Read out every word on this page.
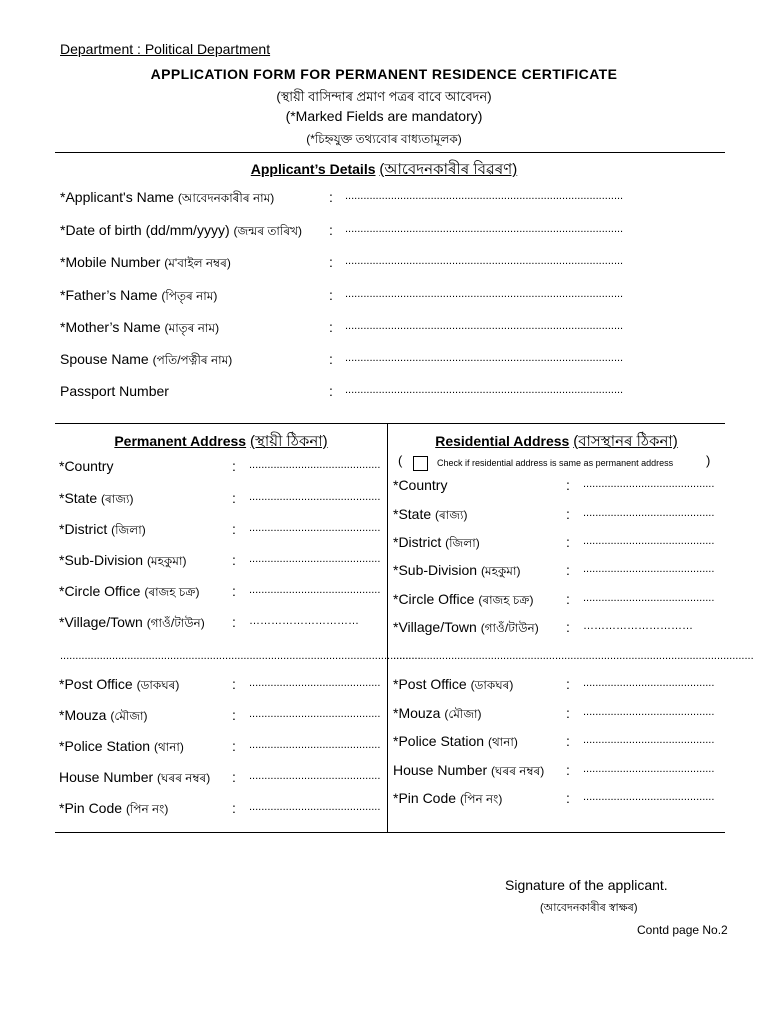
Department : Political Department
APPLICATION FORM FOR PERMANENT RESIDENCE CERTIFICATE
(স্থায়ী বাসিন্দাৰ প্ৰমাণ পত্ৰৰ বাবে আবেদন)
(*Marked Fields are mandatory)
(*চিহ্নযুক্ত তথ্যবোৰ বাধ্যতামূলক)
Applicant’s Details (আবেদনকাৰীৰ বিৱৰণ)
*Applicant's Name (আবেদনকাৰীৰ নাম)	: ...........................................................................................
*Date of birth (dd/mm/yyyy) (জন্মৰ তাৰিখ) : ...........................................................................................
*Mobile Number (ম'বাইল নম্বৰ)	: ...........................................................................................
*Father’s Name (পিতৃৰ নাম)	: ...........................................................................................
*Mother’s Name (মাতৃৰ নাম)	: ...........................................................................................
Spouse Name (পতি/পত্নীৰ নাম)	: ...........................................................................................
Passport Number	: ...........................................................................................
Permanent Address (স্থায়ী ঠিকনা)
*Country	: ...........................................
*State (ৰাজ্য)	: ...........................................
*District (জিলা)	: ...........................................
*Sub-Division (মহকুমা)	: ...........................................
*Circle Office (ৰাজহ চক্ৰ) : ...........................................
*Village/Town (গাওঁ/টাউন) : …………………………
*Post Office (ডাকঘৰ)	: ...........................................
*Mouza (মৌজা)	: ...........................................
*Police Station (থানা)	: ...........................................
House Number (ঘৰৰ নম্বৰ) : ...........................................
*Pin Code (পিন নং)	: ...........................................
......................................................................................................................
Residential Address (বাসস্থানৰ ঠিকনা)
(	Check if residential address is same as permanent address	)
*Country	: ...........................................
*State (ৰাজ্য)	: ...........................................
*District (জিলা)	: ...........................................
*Sub-Division (মহকুমা)	: ...........................................
*Circle Office (ৰাজহ চক্ৰ) : ...........................................
*Village/Town (গাওঁ/টাউন) : …………………………
*Post Office (ডাকঘৰ)	: ...........................................
*Mouza (মৌজা)	: ...........................................
*Police Station (থানা)	: ...........................................
House Number (ঘৰৰ নম্বৰ) : ...........................................
*Pin Code (পিন নং)	: ...........................................
......................................................................................................................
Signature of the applicant.
(আবেদনকাৰীৰ স্বাক্ষৰ)
Contd page No.2
